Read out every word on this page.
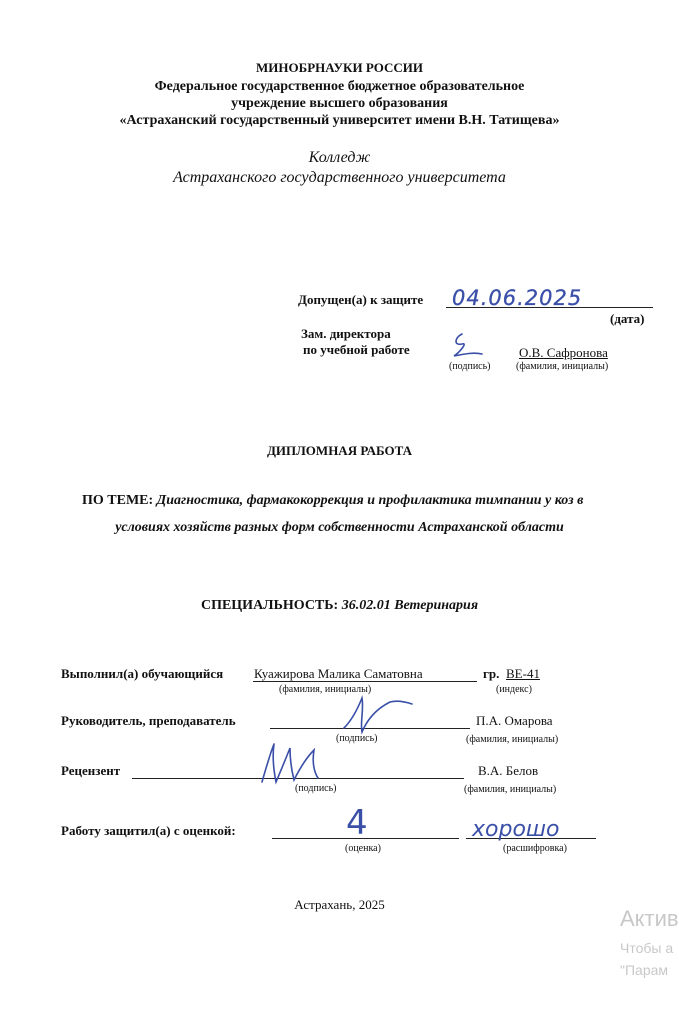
МИНОБРНАУКИ РОССИИ
Федеральное государственное бюджетное образовательное
учреждение высшего образования
«Астраханский государственный университет имени В.Н. Татищева»
Колледж
Астраханского государственного университета
Допущен(а) к защите 04.06.2025
(дата)
Зам. директора
по учебной работе
(подпись)
О.В. Сафронова
(фамилия, инициалы)
ДИПЛОМНАЯ РАБОТА
ПО ТЕМЕ: Диагностика, фармакокоррекция и профилактика тимпании у коз в
условиях хозяйств разных форм собственности Астраханской области
СПЕЦИАЛЬНОСТЬ: 36.02.01 Ветеринария
Выполнил(а) обучающийся Куажирова Малика Саматовна
(фамилия, инициалы)
гр. ВЕ-41
(индекс)
Руководитель, преподаватель
(подпись)
П.А. Омарова
(фамилия, инициалы)
Рецензент
(подпись)
В.А. Белов
(фамилия, инициалы)
Работу защитил(а) с оценкой:	4
(оценка)
хорошо
(расшифровка)
Астрахань, 2025
Актив
Чтобы а
"Парам
